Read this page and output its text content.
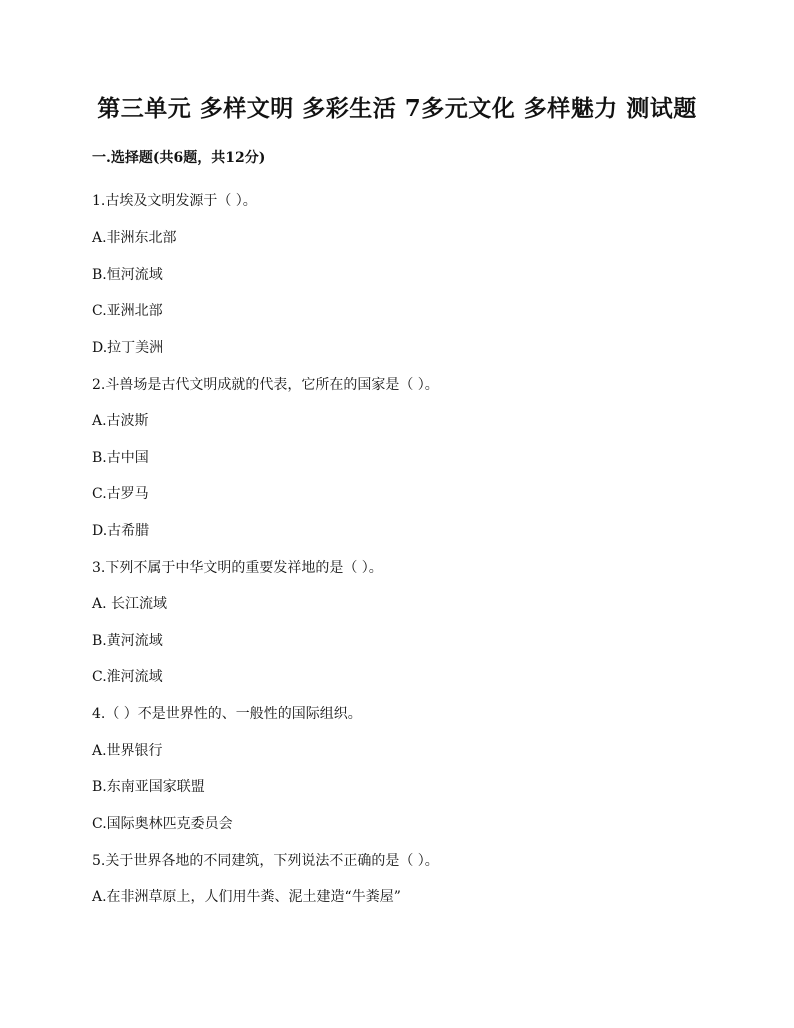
第三单元 多样文明 多彩生活 7多元文化 多样魅力 测试题
一.选择题(共6题，共12分)
1.古埃及文明发源于（ ）。
A.非洲东北部
B.恒河流域
C.亚洲北部
D.拉丁美洲
2.斗兽场是古代文明成就的代表，它所在的国家是（ ）。
A.古波斯
B.古中国
C.古罗马
D.古希腊
3.下列不属于中华文明的重要发祥地的是（ ）。
A. 长江流域
B.黄河流域
C.淮河流域
4.（ ）不是世界性的、一般性的国际组织。
A.世界银行
B.东南亚国家联盟
C.国际奥林匹克委员会
5.关于世界各地的不同建筑，下列说法不正确的是（ ）。
A.在非洲草原上，人们用牛粪、泥土建造“牛粪屋”
